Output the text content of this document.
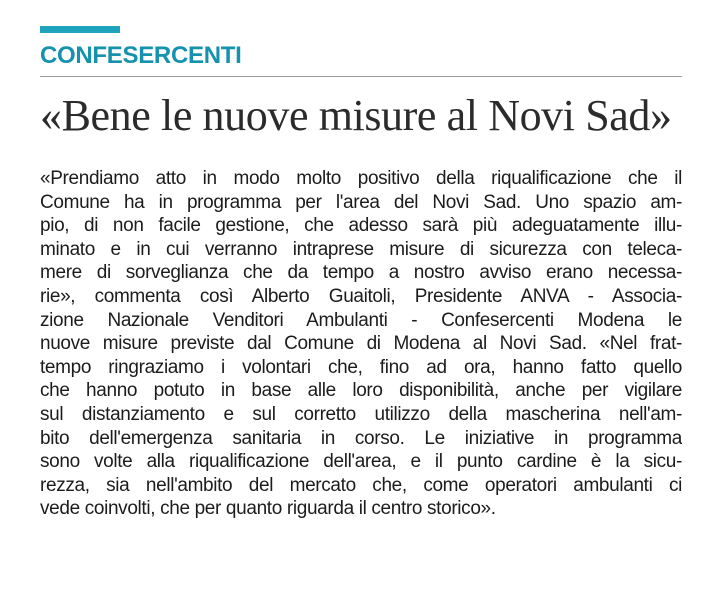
CONFESERCENTI
«Bene le nuove misure al Novi Sad»
«Prendiamo atto in modo molto positivo della riqualificazione che il
Comune ha in programma per l'area del Novi Sad. Uno spazio am-
pio, di non facile gestione, che adesso sarà più adeguatamente illu-
minato e in cui verranno intraprese misure di sicurezza con teleca-
mere di sorveglianza che da tempo a nostro avviso erano necessa-
rie», commenta così Alberto Guaitoli, Presidente ANVA - Associa-
zione Nazionale Venditori Ambulanti - Confesercenti Modena le
nuove misure previste dal Comune di Modena al Novi Sad. «Nel frat-
tempo ringraziamo i volontari che, fino ad ora, hanno fatto quello
che hanno potuto in base alle loro disponibilità, anche per vigilare
sul distanziamento e sul corretto utilizzo della mascherina nell'am-
bito dell'emergenza sanitaria in corso. Le iniziative in programma
sono volte alla riqualificazione dell'area, e il punto cardine è la sicu-
rezza, sia nell'ambito del mercato che, come operatori ambulanti ci
vede coinvolti, che per quanto riguarda il centro storico».
